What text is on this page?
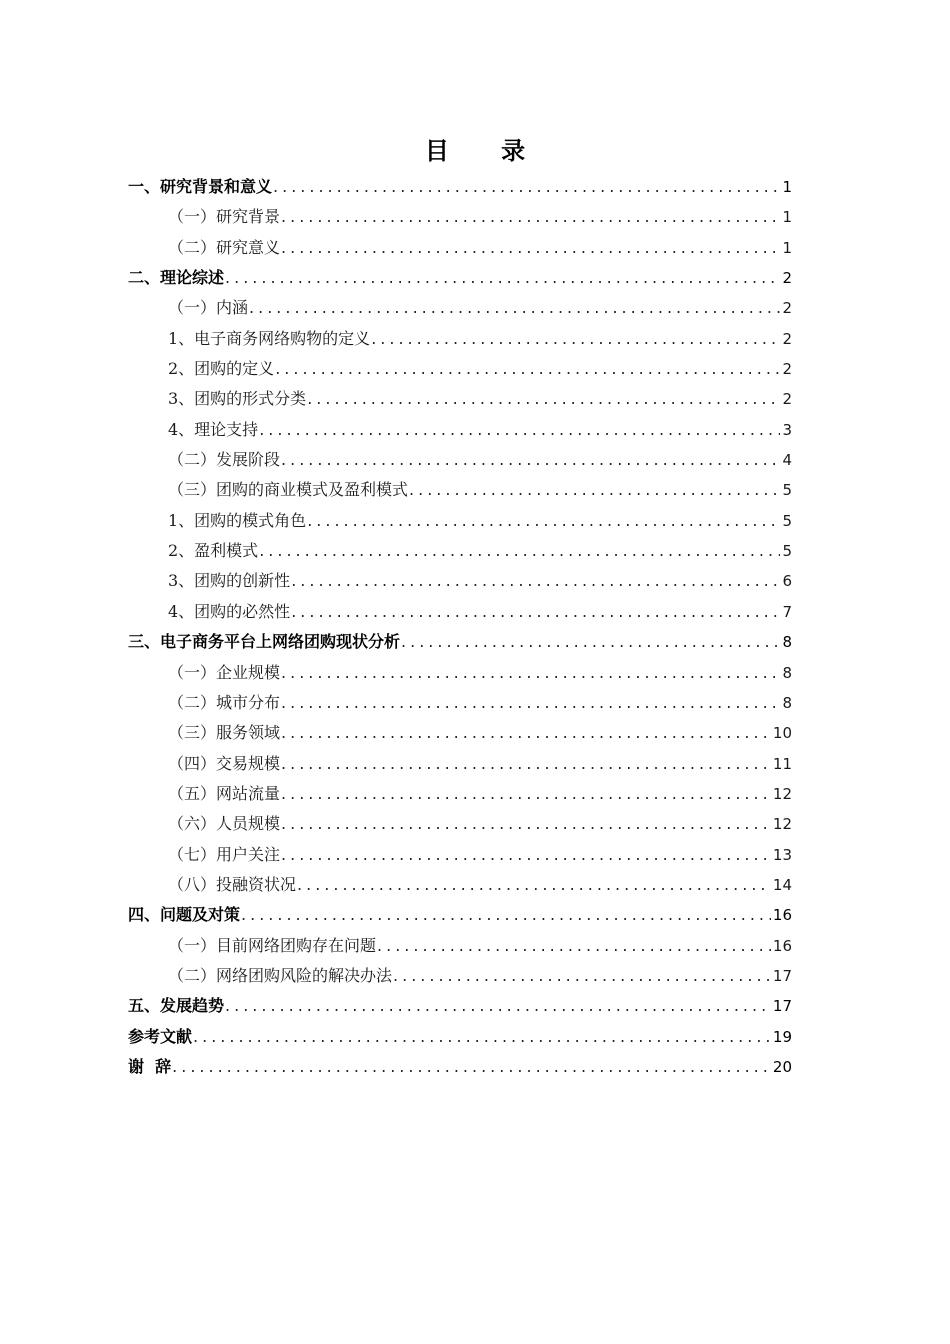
目 录
一、研究背景和意义 .....	1
（一）研究背景 .....	1
（二）研究意义 .....	1
二、理论综述 .....	2
（一）内涵 .....	2
1、电子商务网络购物的定义 .....	2
2、团购的定义 .....	2
3、团购的形式分类 .....	2
4、理论支持 .....	3
（二）发展阶段 .....	4
（三）团购的商业模式及盈利模式 .....	5
1、团购的模式角色 .....	5
2、盈利模式 .....	5
3、团购的创新性 .....	6
4、团购的必然性 .....	7
三、电子商务平台上网络团购现状分析 .....	8
（一）企业规模 .....	8
（二）城市分布 .....	8
（三）服务领域 .....	10
（四）交易规模 .....	11
（五）网站流量 .....	12
（六）人员规模 .....	12
（七）用户关注 .....	13
（八）投融资状况 .....	14
四、问题及对策 .....	16
（一）目前网络团购存在问题 .....	16
（二）网络团购风险的解决办法 .....	17
五、发展趋势 .....	17
参考文献 .....	19
谢  辞 .....	20
